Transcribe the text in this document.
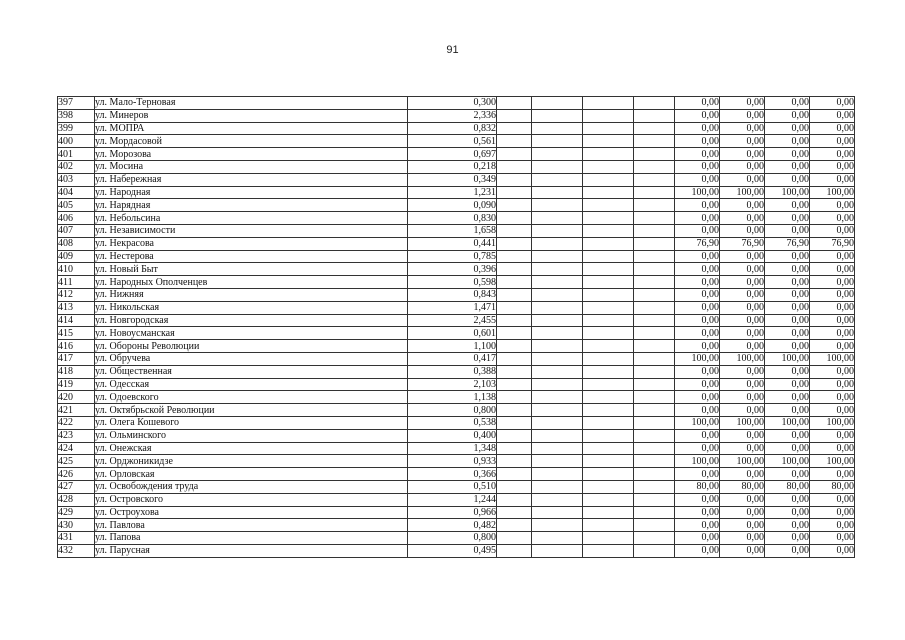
91
397	ул. Мало-Терновая	0,300					0,00	0,00	0,00	0,00
398	ул. Минеров	2,336					0,00	0,00	0,00	0,00
399	ул. МОПРА	0,832					0,00	0,00	0,00	0,00
400	ул. Мордасовой	0,561					0,00	0,00	0,00	0,00
401	ул. Морозова	0,697					0,00	0,00	0,00	0,00
402	ул. Мосина	0,218					0,00	0,00	0,00	0,00
403	ул. Набережная	0,349					0,00	0,00	0,00	0,00
404	ул. Народная	1,231					100,00	100,00	100,00	100,00
405	ул. Нарядная	0,090					0,00	0,00	0,00	0,00
406	ул. Небольсина	0,830					0,00	0,00	0,00	0,00
407	ул. Независимости	1,658					0,00	0,00	0,00	0,00
408	ул. Некрасова	0,441					76,90	76,90	76,90	76,90
409	ул. Нестерова	0,785					0,00	0,00	0,00	0,00
410	ул. Новый Быт	0,396					0,00	0,00	0,00	0,00
411	ул. Народных Ополченцев	0,598					0,00	0,00	0,00	0,00
412	ул. Нижняя	0,843					0,00	0,00	0,00	0,00
413	ул. Никольская	1,471					0,00	0,00	0,00	0,00
414	ул. Новгородская	2,455					0,00	0,00	0,00	0,00
415	ул. Новоусманская	0,601					0,00	0,00	0,00	0,00
416	ул. Обороны Революции	1,100					0,00	0,00	0,00	0,00
417	ул. Обручева	0,417					100,00	100,00	100,00	100,00
418	ул. Общественная	0,388					0,00	0,00	0,00	0,00
419	ул. Одесская	2,103					0,00	0,00	0,00	0,00
420	ул. Одоевского	1,138					0,00	0,00	0,00	0,00
421	ул. Октябрьской Революции	0,800					0,00	0,00	0,00	0,00
422	ул. Олега Кошевого	0,538					100,00	100,00	100,00	100,00
423	ул. Ольминского	0,400					0,00	0,00	0,00	0,00
424	ул. Онежская	1,348					0,00	0,00	0,00	0,00
425	ул. Орджоникидзе	0,933					100,00	100,00	100,00	100,00
426	ул. Орловская	0,366					0,00	0,00	0,00	0,00
427	ул. Освобождения труда	0,510					80,00	80,00	80,00	80,00
428	ул. Островского	1,244					0,00	0,00	0,00	0,00
429	ул. Остроухова	0,966					0,00	0,00	0,00	0,00
430	ул. Павлова	0,482					0,00	0,00	0,00	0,00
431	ул. Папова	0,800					0,00	0,00	0,00	0,00
432	ул. Парусная	0,495					0,00	0,00	0,00	0,00
